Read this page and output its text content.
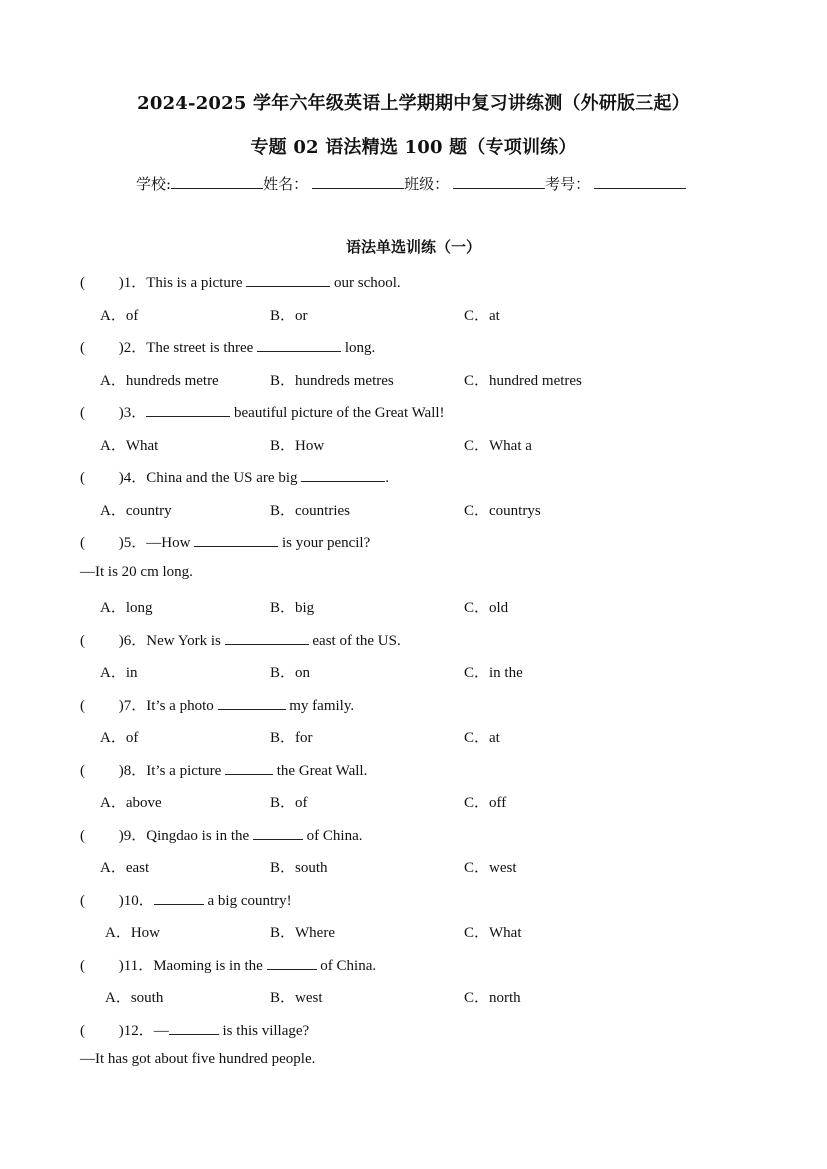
2024-2025 学年六年级英语上学期期中复习讲练测（外研版三起）
专题 02 语法精选 100 题（专项训练）
学校:	姓名：	班级：	考号：
语法单选训练（一）
(         )1．This is a picture	our school.
A．of	B．or	C．at
(         )2．The street is three	long.
A．hundreds metre	B．hundreds metres	C．hundred metres
(         )3．	beautiful picture of the Great Wall!
A．What	B．How	C．What a
(         )4．China and the US are big	.
A．country	B．countries	C．countrys
(         )5．—How	is your pencil?
—It is 20 cm long.
A．long	B．big	C．old
(         )6．New York is	east of the US.
A．in	B．on	C．in the
(         )7．It’s a photo	my family.
A．of	B．for	C．at
(         )8．It’s a picture	the Great Wall.
A．above	B．of	C．off
(         )9．Qingdao is in the	of China.
A．east	B．south	C．west
(         )10．	a big country!
A．How	B．Where	C．What
(         )11．Maoming is in the	of China.
A．south	B．west	C．north
(         )12．—	is this village?
—It has got about five hundred people.
